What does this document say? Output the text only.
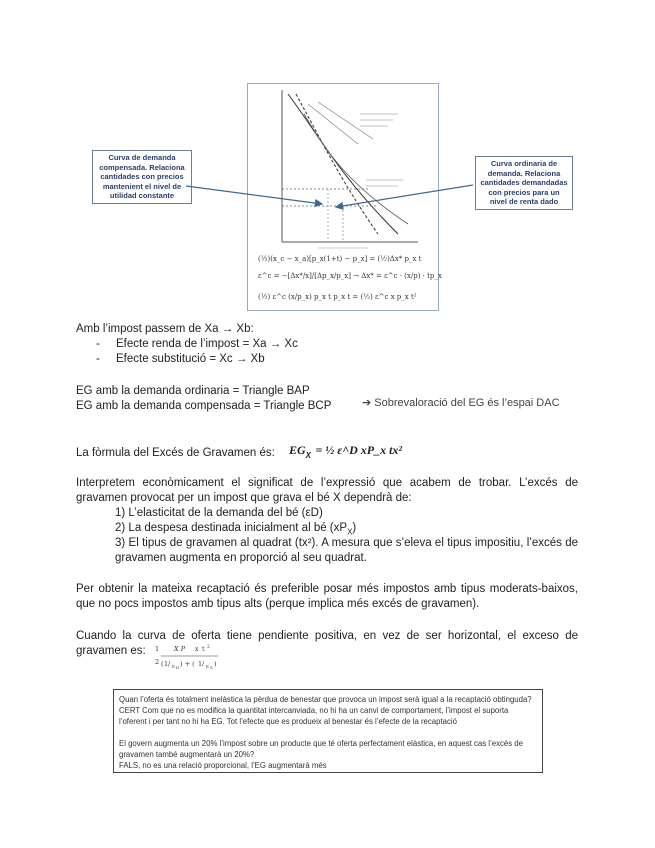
(½)(x_c − x_a)[p_x(1+t) − p_x] = (½)Δx* p_x t
ε^c = −[Δx*/x]/[Δp_x/p_x] → Δx* = ε^c · (x/p) · tp_x
(½) ε^c (x/p_x) p_x t p_x t = (½) ε^c x p_x t²
Curva de demanda compensada. Relaciona cantidades con precios mantenient el nivel de utilidad constante
Curva ordinaria de demanda. Relaciona cantidades demandadas con precios para un nivel de renta dado
Amb l’impost passem de Xa → Xb:
- Efecte renda de l’impost = Xa → Xc
- Efecte substitució = Xc → Xb
EG amb la demanda ordinaria = Triangle BAP
EG amb la demanda compensada = Triangle BCP	➔ Sobrevaloració del EG és l’espai DAC
La fòrmula del Excés de Gravamen és: $EG_X$ = ½ ε^D xP_x tx²
Interpretem econòmicament el significat de l’expressió que acabem de trobar. L’excés de gravamen provocat per un impost que grava el bé X dependrà de:
1) L’elasticitat de la demanda del bé (εD)
2) La despesa destinada inicialment al bé $(xP_X)$
3) El tipus de gravamen al quadrat (tx²). A mesura que s’eleva el tipus impositiu, l’excés de gravamen augmenta en proporció al seu quadrat.
Per obtenir la mateixa recaptació és preferible posar més impostos amb tipus moderats-baixos, que no pocs impostos amb tipus alts (perque implica més excés de gravamen).
Cuando la curva de oferta tiene pendiente positiva, en vez de ser horizontal, el exceso de gravamen es:	1
2
X P x t 2
( 1 / ε D ) + ( 1 / ε S )
Quan l’oferta és totalment inelàstica la pèrdua de benestar que provoca un impost serà igual a la recaptació obtinguda?
CERT Com que no es modifica la quantitat intercanviada, no hi ha un canvi de comportament, l’impost el suporta
l’oferent i per tant no hi ha EG. Tot l’efecte que es produeix al benestar és l’efecte de la recaptació
El govern augmenta un 20% l’impost sobre un producte que té oferta perfectament elàstica, en aquest cas l’excés de
gravamen també augmentarà un 20%?
FALS, no es una relació proporcional, l’EG augmentarà més
